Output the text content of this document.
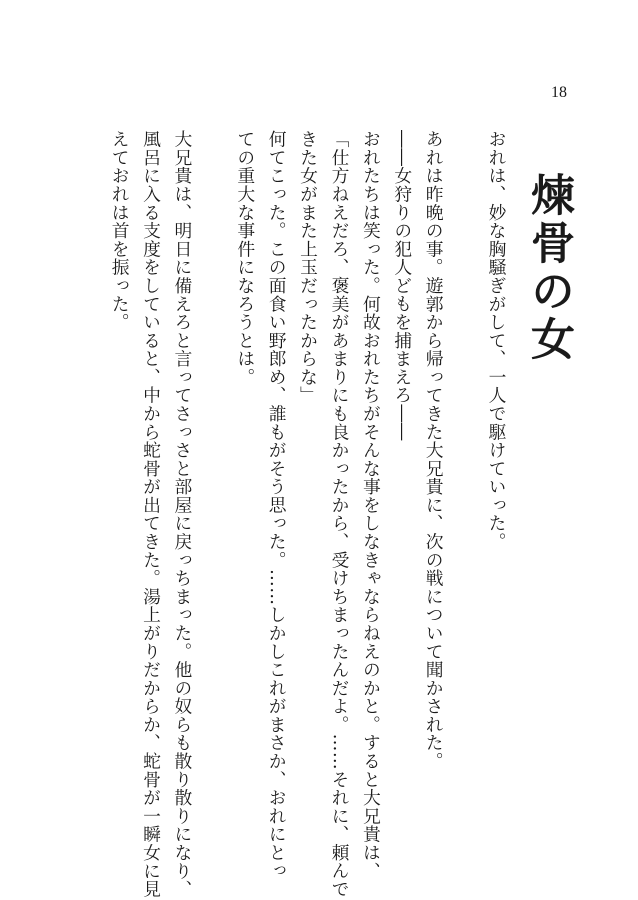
18
煉骨の女

おれは、妙な胸騒ぎがして、一人で駆けていった。

あれは昨晩の事。遊郭から帰ってきた大兄貴に、次の戦について聞かされた。

――女狩りの犯人どもを捕まえろ――

おれたちは笑った。何故おれたちがそんな事をしなきゃならねえのかと。すると大兄貴は、

「仕方ねえだろ、褒美があまりにも良かったから、受けちまったんだよ。……それに、頼んで

きた女がまた上玉だったからな」

何てこった。この面食い野郎め、誰もがそう思った。……しかしこれがまさか、おれにとっ

ての重大な事件になろうとは。

大兄貴は、明日に備えろと言ってさっさと部屋に戻っちまった。他の奴らも散り散りになり、

風呂に入る支度をしていると、中から蛇骨が出てきた。湯上がりだからか、蛇骨が一瞬女に見

えておれは首を振った。
